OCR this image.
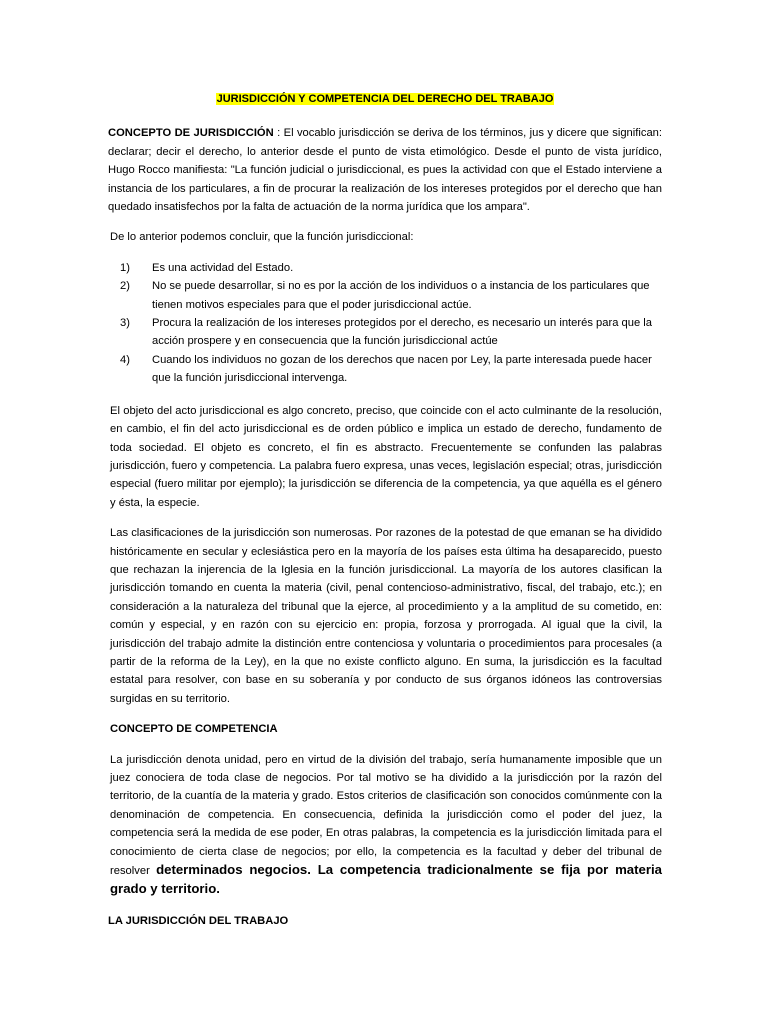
JURISDICCIÓN Y COMPETENCIA DEL DERECHO DEL TRABAJO

CONCEPTO DE JURISDICCIÓN : El vocablo jurisdicción se deriva de los términos, jus y dicere que significan: declarar; decir el derecho, lo anterior desde el punto de vista etimológico. Desde el punto de vista jurídico, Hugo Rocco manifiesta: "La función judicial o jurisdiccional, es pues la actividad con que el Estado interviene a instancia de los particulares, a fin de procurar la realización de los intereses protegidos por el derecho que han quedado insatisfechos por la falta de actuación de la norma jurídica que los ampara".

De lo anterior podemos concluir, que la función jurisdiccional:

1)	Es una actividad del Estado.
2)	No se puede desarrollar, si no es por la acción de los individuos o a instancia de los particulares que tienen motivos especiales para que el poder jurisdiccional actúe.
3)	Procura la realización de los intereses protegidos por el derecho, es necesario un interés para que la acción prospere y en consecuencia que la función jurisdiccional actúe
4)	Cuando los individuos no gozan de los derechos que nacen por Ley, la parte interesada puede hacer que la función jurisdiccional intervenga.

El objeto del acto jurisdiccional es algo concreto, preciso, que coincide con el acto culminante de la resolución, en cambio, el fin del acto jurisdiccional es de orden público e implica un estado de derecho, fundamento de toda sociedad. El objeto es concreto, el fin es abstracto. Frecuentemente se confunden las palabras jurisdicción, fuero y competencia. La palabra fuero expresa, unas veces, legislación especial; otras, jurisdicción especial (fuero militar por ejemplo); la jurisdicción se diferencia de la competencia, ya que aquélla es el género y ésta, la especie.

Las clasificaciones de la jurisdicción son numerosas. Por razones de la potestad de que emanan se ha dividido históricamente en secular y eclesiástica pero en la mayoría de los países esta última ha desaparecido, puesto que rechazan la injerencia de la Iglesia en la función jurisdiccional. La mayoría de los autores clasifican la jurisdicción tomando en cuenta la materia (civil, penal contencioso-administrativo, fiscal, del trabajo, etc.); en consideración a la naturaleza del tribunal que la ejerce, al procedimiento y a la amplitud de su cometido, en: común y especial, y en razón con su ejercicio en: propia, forzosa y prorrogada. Al igual que la civil, la jurisdicción del trabajo admite la distinción entre contenciosa y voluntaria o procedimientos para procesales (a partir de la reforma de la Ley), en la que no existe conflicto alguno. En suma, la jurisdicción es la facultad estatal para resolver, con base en su soberanía y por conducto de sus órganos idóneos las controversias surgidas en su territorio.

CONCEPTO DE COMPETENCIA

La jurisdicción denota unidad, pero en virtud de la división del trabajo, sería humanamente imposible que un juez conociera de toda clase de negocios. Por tal motivo se ha dividido a la jurisdicción por la razón del territorio, de la cuantía de la materia y grado. Estos criterios de clasificación son conocidos comúnmente con la denominación de competencia. En consecuencia, definida la jurisdicción como el poder del juez, la competencia será la medida de ese poder, En otras palabras, la competencia es la jurisdicción limitada para el conocimiento de cierta clase de negocios; por ello, la competencia es la facultad y deber del tribunal de resolver determinados negocios. La competencia tradicionalmente se fija por materia grado y territorio.

LA JURISDICCIÓN DEL TRABAJO
